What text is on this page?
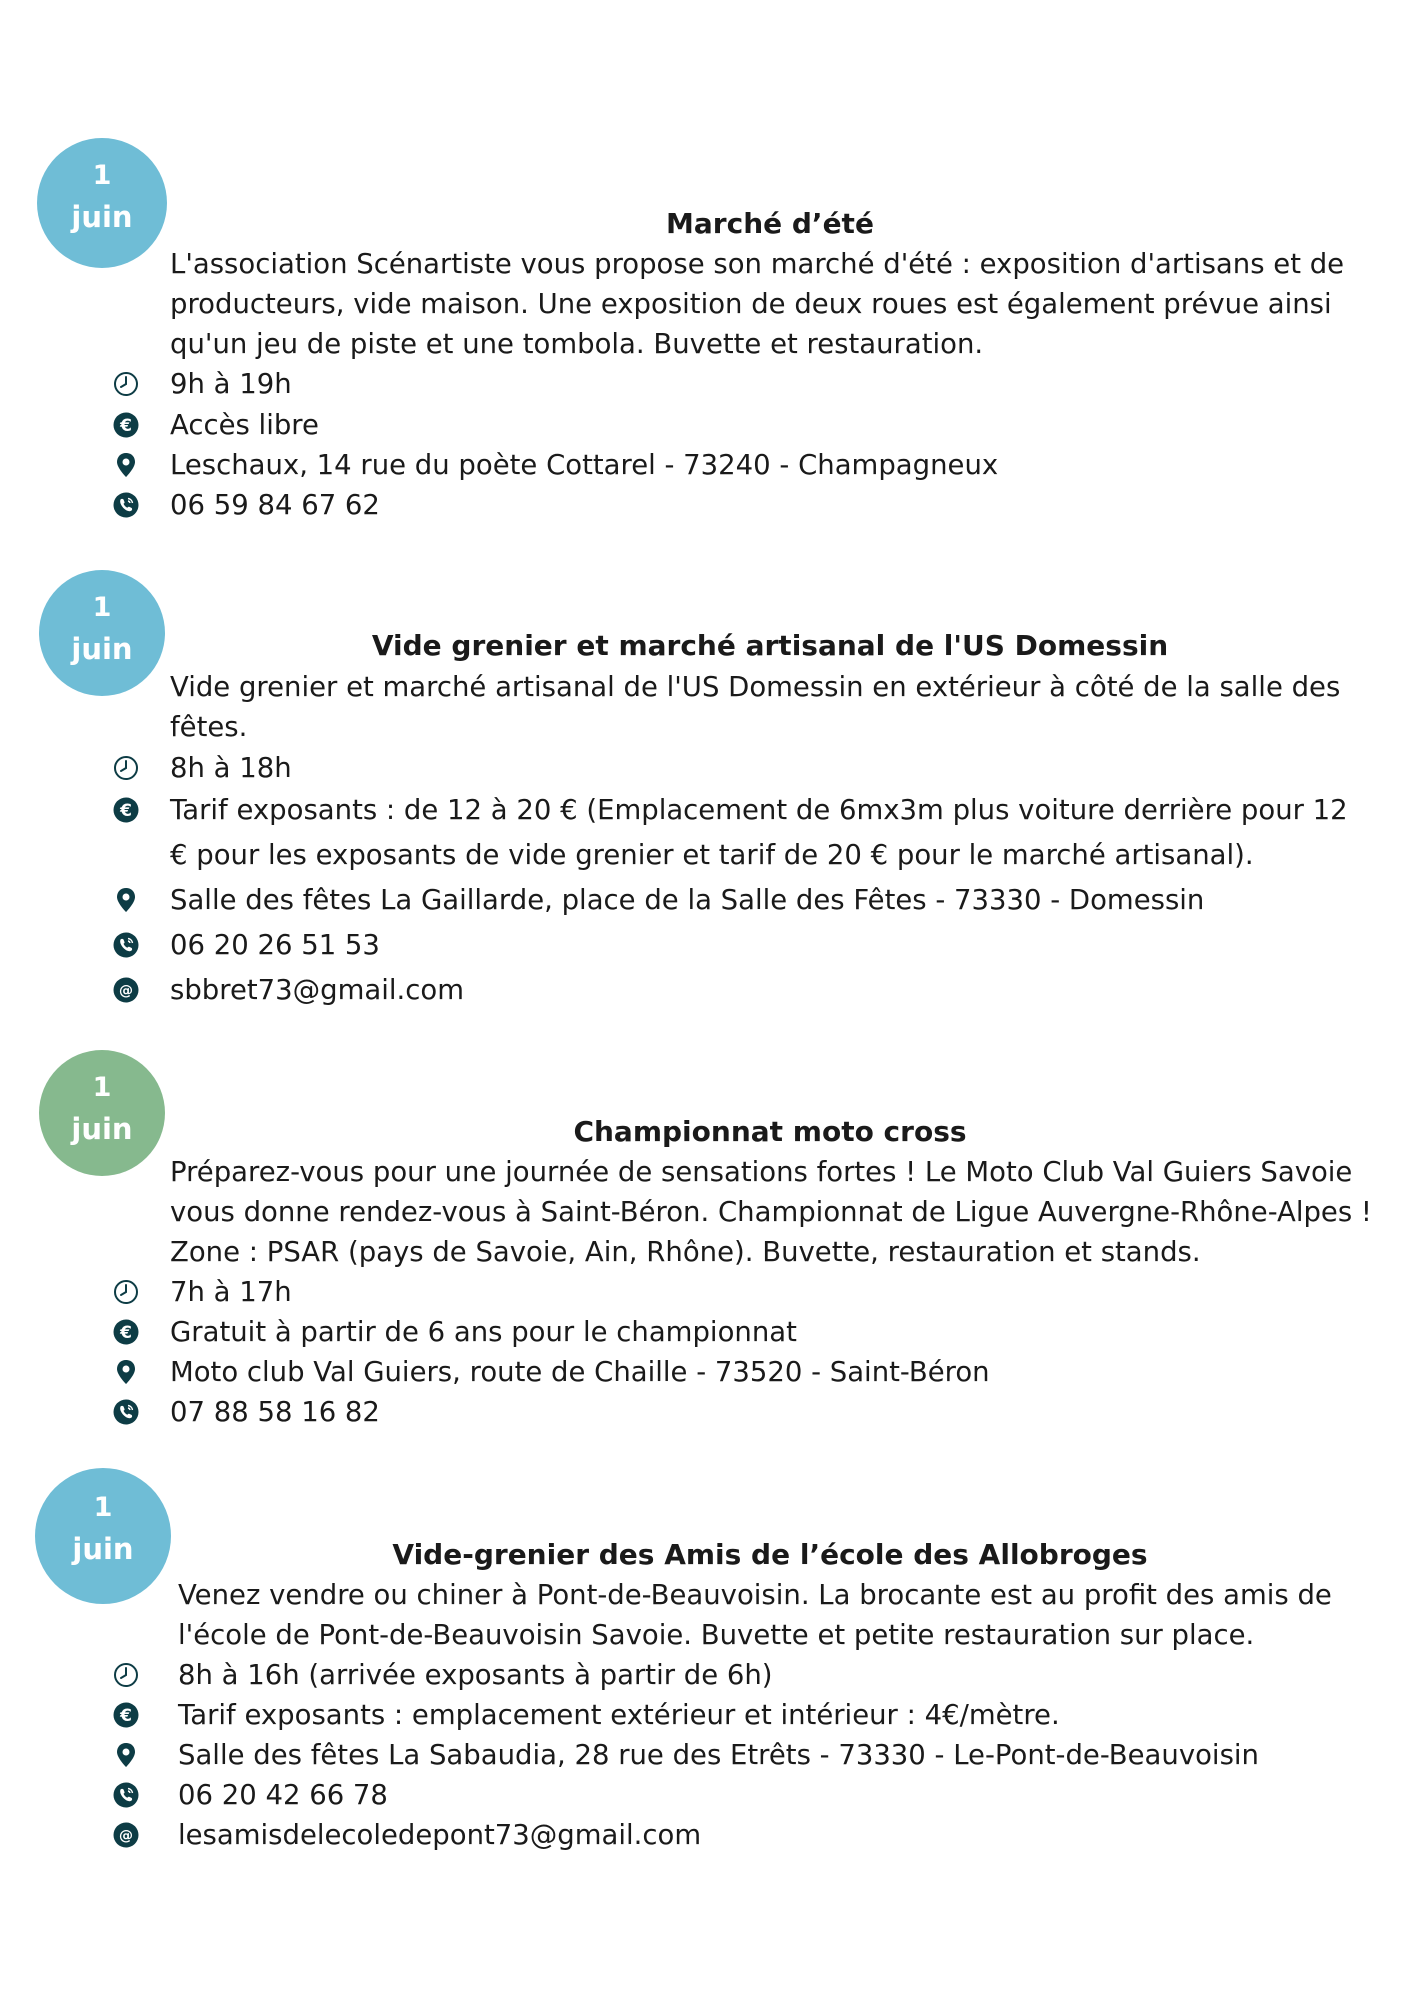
1
juin	Marché d’été

L'association Scénartiste vous propose son marché d'été : exposition d'artisans et de producteurs, vide maison. Une exposition de deux roues est également prévue ainsi qu'un jeu de piste et une tombola. Buvette et restauration.

9h à 19h
€ Accès libre
Leschaux, 14 rue du poète Cottarel - 73240 - Champagneux
06 59 84 67 62
1
juin	Vide grenier et marché artisanal de l'US Domessin

Vide grenier et marché artisanal de l'US Domessin en extérieur à côté de la salle des fêtes.

8h à 18h
€ Tarif exposants : de 12 à 20 € (Emplacement de 6mx3m plus voiture derrière pour 12
€ pour les exposants de vide grenier et tarif de 20 € pour le marché artisanal).
Salle des fêtes La Gaillarde, place de la Salle des Fêtes - 73330 - Domessin
06 20 26 51 53
@ sbbret73@gmail.com
1
juin	Championnat moto cross

Préparez-vous pour une journée de sensations fortes ! Le Moto Club Val Guiers Savoie vous donne rendez-vous à Saint-Béron. Championnat de Ligue Auvergne-Rhône-Alpes ! Zone : PSAR (pays de Savoie, Ain, Rhône). Buvette, restauration et stands.

7h à 17h
€ Gratuit à partir de 6 ans pour le championnat
Moto club Val Guiers, route de Chaille - 73520 - Saint-Béron
07 88 58 16 82
1
juin	Vide-grenier des Amis de l’école des Allobroges

Venez vendre ou chiner à Pont-de-Beauvoisin. La brocante est au profit des amis de l'école de Pont-de-Beauvoisin Savoie. Buvette et petite restauration sur place.

8h à 16h (arrivée exposants à partir de 6h)
€ Tarif exposants : emplacement extérieur et intérieur : 4€/mètre.
Salle des fêtes La Sabaudia, 28 rue des Etrêts - 73330 - Le-Pont-de-Beauvoisin
06 20 42 66 78
@ lesamisdelecoledepont73@gmail.com
